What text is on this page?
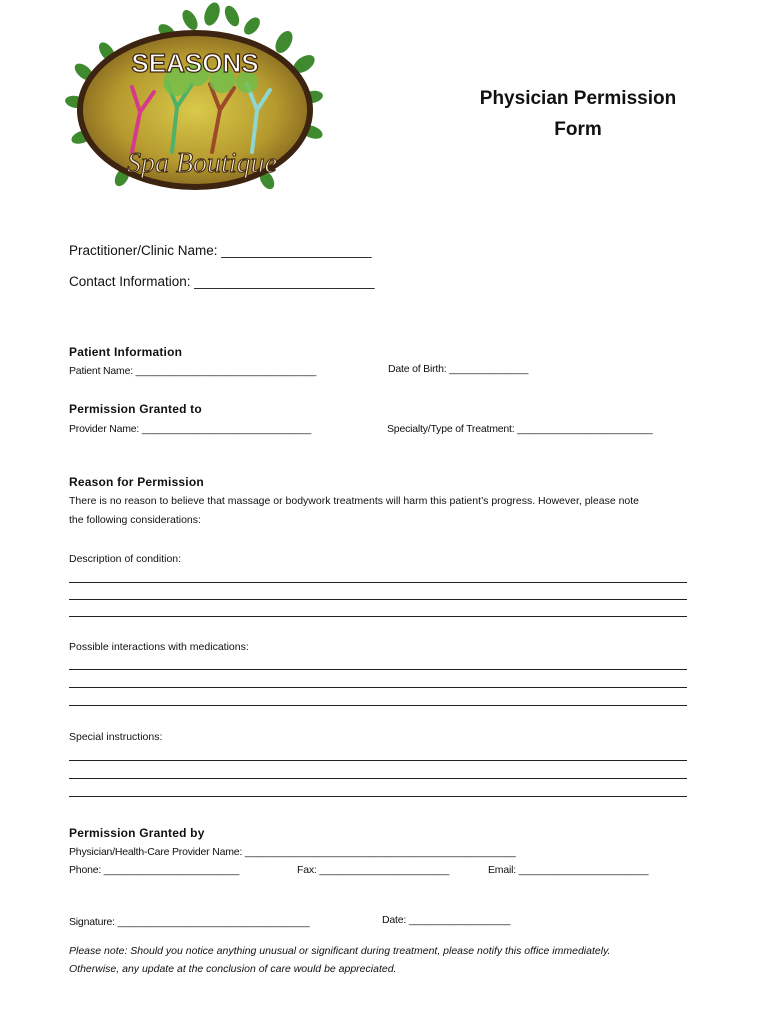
SEASONS
Spa Boutique
Physician Permission
Form
Practitioner/Clinic Name: ____________________
Contact Information: ________________________
Patient Information
Patient Name: ________________________________	Date of Birth: ______________
Permission Granted to
Provider Name: ______________________________	Specialty/Type of Treatment: ________________________
Reason for Permission
There is no reason to believe that massage or bodywork treatments will harm this patient’s progress. However, please note
the following considerations:
Description of condition:
Possible interactions with medications:
Special instructions:
Permission Granted by
Physician/Health-Care Provider Name: ________________________________________________
Phone: ________________________	Fax: _______________________	Email: _______________________
Signature: __________________________________	Date: __________________
Please note: Should you notice anything unusual or significant during treatment, please notify this office immediately.
Otherwise, any update at the conclusion of care would be appreciated.
